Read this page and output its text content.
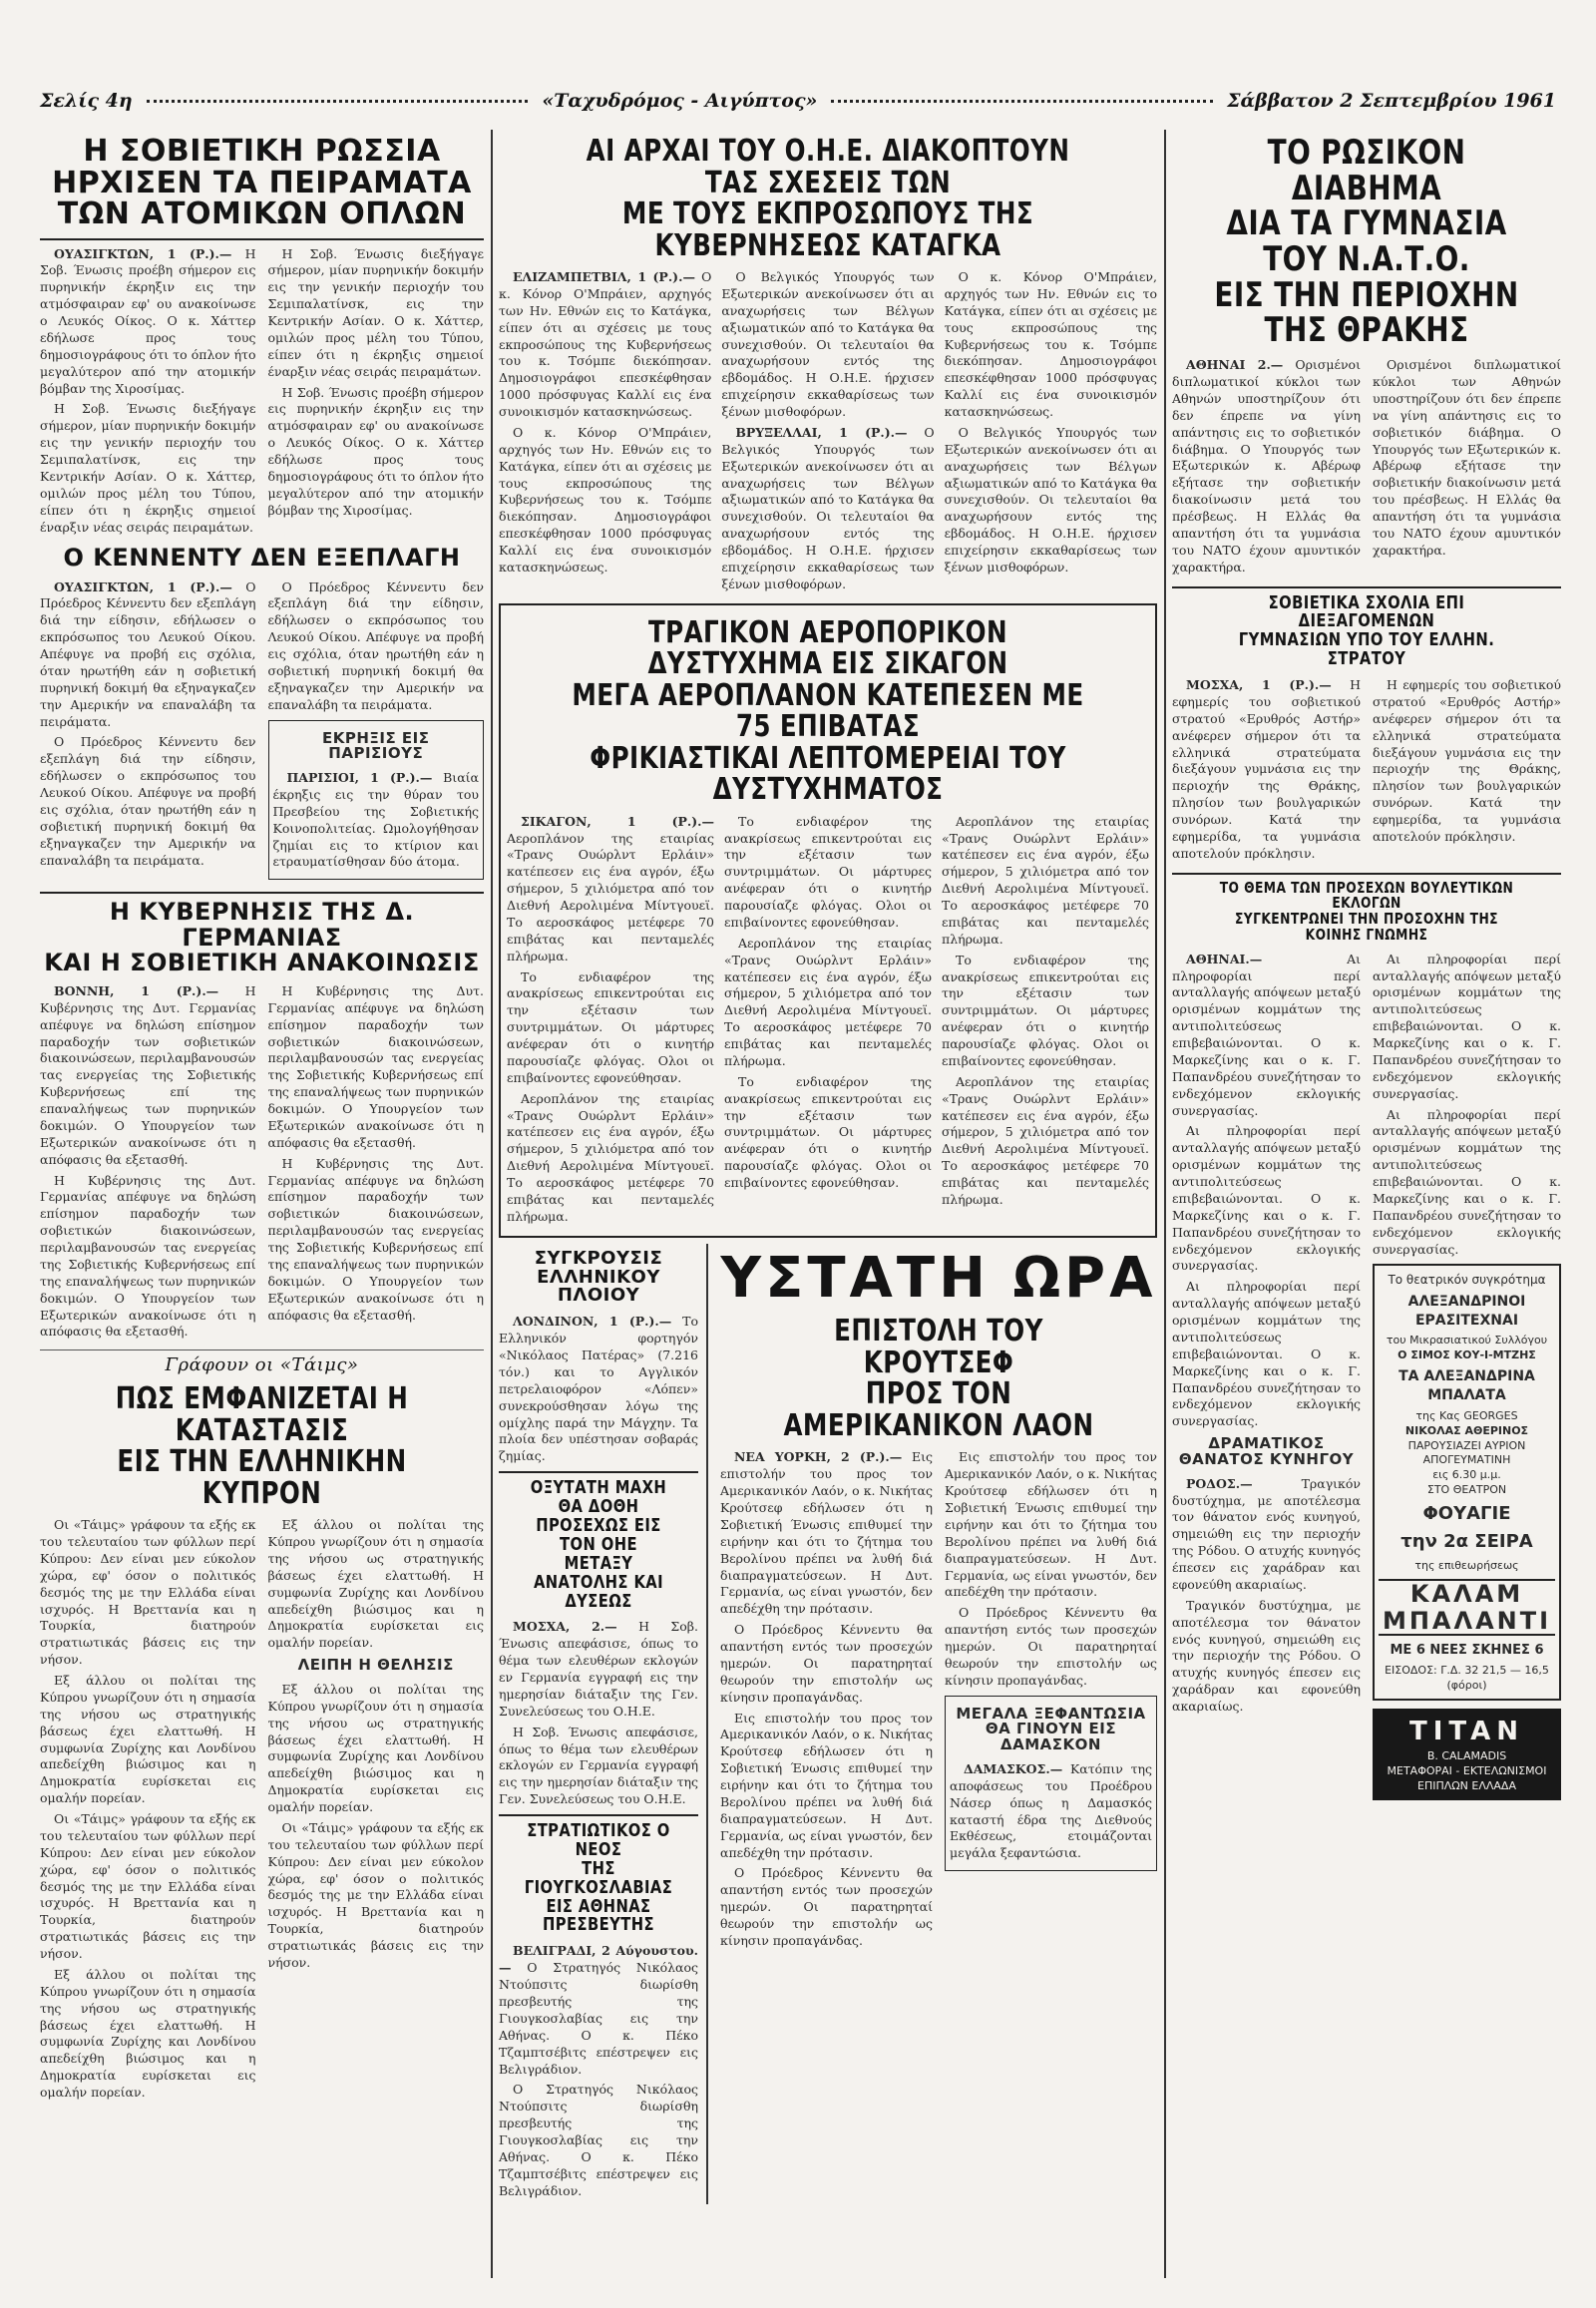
Σελίς 4η	«Ταχυδρόμος - Αιγύπτος»	Σάββατον 2 Σεπτεμβρίου 1961
Η ΣΟΒΙΕΤΙΚΗ ΡΩΣΣΙΑ
ΗΡΧΙΣΕΝ ΤΑ ΠΕΙΡΑΜΑΤΑ
ΤΩΝ ΑΤΟΜΙΚΩΝ ΟΠΛΩΝ

ΟΥΑΣΙΓΚΤΩΝ, 1 (Ρ.).— Η Σοβ. Ένωσις προέβη σήμερον εις πυρηνικήν έκρηξιν εις την ατμόσφαιραν εφ' ου ανακοίνωσε ο Λευκός Οίκος. Ο κ. Χάττερ εδήλωσε προς τους δημοσιογράφους ότι το όπλον ήτο μεγαλύτερον από την ατομικήν βόμβαν της Χιροσίμας.

Η Σοβ. Ένωσις διεξήγαγε σήμερον, μίαν πυρηνικήν δοκιμήν εις την γενικήν περιοχήν του Σεμιπαλατίνσκ, εις την Κεντρικήν Ασίαν. Ο κ. Χάττερ, ομιλών προς μέλη του Τύπου, είπεν ότι η έκρηξις σημειοί έναρξιν νέας σειράς πειραμάτων.

Η Σοβ. Ένωσις διεξήγαγε σήμερον, μίαν πυρηνικήν δοκιμήν εις την γενικήν περιοχήν του Σεμιπαλατίνσκ, εις την Κεντρικήν Ασίαν. Ο κ. Χάττερ, ομιλών προς μέλη του Τύπου, είπεν ότι η έκρηξις σημειοί έναρξιν νέας σειράς πειραμάτων.

Η Σοβ. Ένωσις προέβη σήμερον εις πυρηνικήν έκρηξιν εις την ατμόσφαιραν εφ' ου ανακοίνωσε ο Λευκός Οίκος. Ο κ. Χάττερ εδήλωσε προς τους δημοσιογράφους ότι το όπλον ήτο μεγαλύτερον από την ατομικήν βόμβαν της Χιροσίμας.

Ο ΚΕΝΝΕΝΤΥ ΔΕΝ ΕΞΕΠΛΑΓΗ

ΟΥΑΣΙΓΚΤΩΝ, 1 (Ρ.).— Ο Πρόεδρος Κέννεντυ δεν εξεπλάγη διά την είδησιν, εδήλωσεν ο εκπρόσωπος του Λευκού Οίκου. Απέφυγε να προβή εις σχόλια, όταν ηρωτήθη εάν η σοβιετική πυρηνική δοκιμή θα εξηναγκαζεν την Αμερικήν να επαναλάβη τα πειράματα.

Ο Πρόεδρος Κέννεντυ δεν εξεπλάγη διά την είδησιν, εδήλωσεν ο εκπρόσωπος του Λευκού Οίκου. Απέφυγε να προβή εις σχόλια, όταν ηρωτήθη εάν η σοβιετική πυρηνική δοκιμή θα εξηναγκαζεν την Αμερικήν να επαναλάβη τα πειράματα.

Ο Πρόεδρος Κέννεντυ δεν εξεπλάγη διά την είδησιν, εδήλωσεν ο εκπρόσωπος του Λευκού Οίκου. Απέφυγε να προβή εις σχόλια, όταν ηρωτήθη εάν η σοβιετική πυρηνική δοκιμή θα εξηναγκαζεν την Αμερικήν να επαναλάβη τα πειράματα.

ΕΚΡΗΞΙΣ ΕΙΣ ΠΑΡΙΣΙΟΥΣ

ΠΑΡΙΣΙΟΙ, 1 (Ρ.).— Βιαία έκρηξις εις την θύραν του Πρεσβείου της Σοβιετικής Κοινοπολιτείας. Ωμολογήθησαν ζημίαι εις το κτίριον και ετραυματίσθησαν δύο άτομα.

Η ΚΥΒΕΡΝΗΣΙΣ ΤΗΣ Δ. ΓΕΡΜΑΝΙΑΣ
ΚΑΙ Η ΣΟΒΙΕΤΙΚΗ ΑΝΑΚΟΙΝΩΣΙΣ

ΒΟΝΝΗ, 1 (Ρ.).— Η Κυβέρνησις της Δυτ. Γερμανίας απέφυγε να δηλώση επίσημον παραδοχήν των σοβιετικών διακοινώσεων, περιλαμβανουσών τας ενεργείας της Σοβιετικής Κυβερνήσεως επί της επαναλήψεως των πυρηνικών δοκιμών. Ο Υπουργείον των Εξωτερικών ανακοίνωσε ότι η απόφασις θα εξετασθή.

Η Κυβέρνησις της Δυτ. Γερμανίας απέφυγε να δηλώση επίσημον παραδοχήν των σοβιετικών διακοινώσεων, περιλαμβανουσών τας ενεργείας της Σοβιετικής Κυβερνήσεως επί της επαναλήψεως των πυρηνικών δοκιμών. Ο Υπουργείον των Εξωτερικών ανακοίνωσε ότι η απόφασις θα εξετασθή.

Η Κυβέρνησις της Δυτ. Γερμανίας απέφυγε να δηλώση επίσημον παραδοχήν των σοβιετικών διακοινώσεων, περιλαμβανουσών τας ενεργείας της Σοβιετικής Κυβερνήσεως επί της επαναλήψεως των πυρηνικών δοκιμών. Ο Υπουργείον των Εξωτερικών ανακοίνωσε ότι η απόφασις θα εξετασθή.

Η Κυβέρνησις της Δυτ. Γερμανίας απέφυγε να δηλώση επίσημον παραδοχήν των σοβιετικών διακοινώσεων, περιλαμβανουσών τας ενεργείας της Σοβιετικής Κυβερνήσεως επί της επαναλήψεως των πυρηνικών δοκιμών. Ο Υπουργείον των Εξωτερικών ανακοίνωσε ότι η απόφασις θα εξετασθή.

Γράφουν οι «Τάιμς»
ΠΩΣ ΕΜΦΑΝΙΖΕΤΑΙ Η ΚΑΤΑΣΤΑΣΙΣ
ΕΙΣ ΤΗΝ ΕΛΛΗΝΙΚΗΝ ΚΥΠΡΟΝ

Οι «Τάιμς» γράφουν τα εξής εκ του τελευταίου των φύλλων περί Κύπρου: Δεν είναι μεν εύκολον χώρα, εφ' όσον ο πολιτικός δεσμός της με την Ελλάδα είναι ισχυρός. Η Βρεττανία και η Τουρκία, διατηρούν στρατιωτικάς βάσεις εις την νήσον.

Εξ άλλου οι πολίται της Κύπρου γνωρίζουν ότι η σημασία της νήσου ως στρατηγικής βάσεως έχει ελαττωθή. Η συμφωνία Ζυρίχης και Λονδίνου απεδείχθη βιώσιμος και η Δημοκρατία ευρίσκεται εις ομαλήν πορείαν.

Οι «Τάιμς» γράφουν τα εξής εκ του τελευταίου των φύλλων περί Κύπρου: Δεν είναι μεν εύκολον χώρα, εφ' όσον ο πολιτικός δεσμός της με την Ελλάδα είναι ισχυρός. Η Βρεττανία και η Τουρκία, διατηρούν στρατιωτικάς βάσεις εις την νήσον.

Εξ άλλου οι πολίται της Κύπρου γνωρίζουν ότι η σημασία της νήσου ως στρατηγικής βάσεως έχει ελαττωθή. Η συμφωνία Ζυρίχης και Λονδίνου απεδείχθη βιώσιμος και η Δημοκρατία ευρίσκεται εις ομαλήν πορείαν.

Εξ άλλου οι πολίται της Κύπρου γνωρίζουν ότι η σημασία της νήσου ως στρατηγικής βάσεως έχει ελαττωθή. Η συμφωνία Ζυρίχης και Λονδίνου απεδείχθη βιώσιμος και η Δημοκρατία ευρίσκεται εις ομαλήν πορείαν.

ΛΕΙΠΗ Η ΘΕΛΗΣΙΣ

Εξ άλλου οι πολίται της Κύπρου γνωρίζουν ότι η σημασία της νήσου ως στρατηγικής βάσεως έχει ελαττωθή. Η συμφωνία Ζυρίχης και Λονδίνου απεδείχθη βιώσιμος και η Δημοκρατία ευρίσκεται εις ομαλήν πορείαν.

Οι «Τάιμς» γράφουν τα εξής εκ του τελευταίου των φύλλων περί Κύπρου: Δεν είναι μεν εύκολον χώρα, εφ' όσον ο πολιτικός δεσμός της με την Ελλάδα είναι ισχυρός. Η Βρεττανία και η Τουρκία, διατηρούν στρατιωτικάς βάσεις εις την νήσον.

ΑΙ ΑΡΧΑΙ ΤΟΥ Ο.Η.Ε. ΔΙΑΚΟΠΤΟΥΝ ΤΑΣ ΣΧΕΣΕΙΣ ΤΩΝ
ΜΕ ΤΟΥΣ ΕΚΠΡΟΣΩΠΟΥΣ ΤΗΣ ΚΥΒΕΡΝΗΣΕΩΣ ΚΑΤΑΓΚΑ

ΕΛΙΖΑΜΠΕΤΒΙΛ, 1 (Ρ.).— Ο κ. Κόνορ Ο'Μπράιεν, αρχηγός των Ην. Εθνών εις το Κατάγκα, είπεν ότι αι σχέσεις με τους εκπροσώπους της Κυβερνήσεως του κ. Τσόμπε διεκόπησαν. Δημοσιογράφοι επεσκέφθησαν 1000 πρόσφυγας Καλλί εις ένα συνοικισμόν κατασκηνώσεως.

Ο κ. Κόνορ Ο'Μπράιεν, αρχηγός των Ην. Εθνών εις το Κατάγκα, είπεν ότι αι σχέσεις με τους εκπροσώπους της Κυβερνήσεως του κ. Τσόμπε διεκόπησαν. Δημοσιογράφοι επεσκέφθησαν 1000 πρόσφυγας Καλλί εις ένα συνοικισμόν κατασκηνώσεως.

Ο Βελγικός Υπουργός των Εξωτερικών ανεκοίνωσεν ότι αι αναχωρήσεις των Βέλγων αξιωματικών από το Κατάγκα θα συνεχισθούν. Οι τελευταίοι θα αναχωρήσουν εντός της εβδομάδος. Η Ο.Η.Ε. ήρχισεν επιχείρησιν εκκαθαρίσεως των ξένων μισθοφόρων.

ΒΡΥΞΕΛΛΑΙ, 1 (Ρ.).— Ο Βελγικός Υπουργός των Εξωτερικών ανεκοίνωσεν ότι αι αναχωρήσεις των Βέλγων αξιωματικών από το Κατάγκα θα συνεχισθούν. Οι τελευταίοι θα αναχωρήσουν εντός της εβδομάδος. Η Ο.Η.Ε. ήρχισεν επιχείρησιν εκκαθαρίσεως των ξένων μισθοφόρων.

Ο κ. Κόνορ Ο'Μπράιεν, αρχηγός των Ην. Εθνών εις το Κατάγκα, είπεν ότι αι σχέσεις με τους εκπροσώπους της Κυβερνήσεως του κ. Τσόμπε διεκόπησαν. Δημοσιογράφοι επεσκέφθησαν 1000 πρόσφυγας Καλλί εις ένα συνοικισμόν κατασκηνώσεως.

Ο Βελγικός Υπουργός των Εξωτερικών ανεκοίνωσεν ότι αι αναχωρήσεις των Βέλγων αξιωματικών από το Κατάγκα θα συνεχισθούν. Οι τελευταίοι θα αναχωρήσουν εντός της εβδομάδος. Η Ο.Η.Ε. ήρχισεν επιχείρησιν εκκαθαρίσεως των ξένων μισθοφόρων.

ΤΡΑΓΙΚΟΝ ΑΕΡΟΠΟΡΙΚΟΝ ΔΥΣΤΥΧΗΜΑ ΕΙΣ ΣΙΚΑΓΟΝ
ΜΕΓΑ ΑΕΡΟΠΛΑΝΟΝ ΚΑΤΕΠΕΣΕΝ ΜΕ 75 ΕΠΙΒΑΤΑΣ
ΦΡΙΚΙΑΣΤΙΚΑΙ ΛΕΠΤΟΜΕΡΕΙΑΙ ΤΟΥ ΔΥΣΤΥΧΗΜΑΤΟΣ

ΣΙΚΑΓΟΝ, 1 (Ρ.).— Αεροπλάνον της εταιρίας «Τρανς Ουώρλντ Ερλάιν» κατέπεσεν εις ένα αγρόν, έξω σήμερον, 5 χιλιόμετρα από τον Διεθνή Αερολιμένα Μίντγουεϊ. Το αεροσκάφος μετέφερε 70 επιβάτας και πενταμελές πλήρωμα.

Το ενδιαφέρον της ανακρίσεως επικεντρούται εις την εξέτασιν των συντριμμάτων. Οι μάρτυρες ανέφεραν ότι ο κινητήρ παρουσίαζε φλόγας. Ολοι οι επιβαίνοντες εφονεύθησαν.

Αεροπλάνον της εταιρίας «Τρανς Ουώρλντ Ερλάιν» κατέπεσεν εις ένα αγρόν, έξω σήμερον, 5 χιλιόμετρα από τον Διεθνή Αερολιμένα Μίντγουεϊ. Το αεροσκάφος μετέφερε 70 επιβάτας και πενταμελές πλήρωμα.

Το ενδιαφέρον της ανακρίσεως επικεντρούται εις την εξέτασιν των συντριμμάτων. Οι μάρτυρες ανέφεραν ότι ο κινητήρ παρουσίαζε φλόγας. Ολοι οι επιβαίνοντες εφονεύθησαν.

Αεροπλάνον της εταιρίας «Τρανς Ουώρλντ Ερλάιν» κατέπεσεν εις ένα αγρόν, έξω σήμερον, 5 χιλιόμετρα από τον Διεθνή Αερολιμένα Μίντγουεϊ. Το αεροσκάφος μετέφερε 70 επιβάτας και πενταμελές πλήρωμα.

Το ενδιαφέρον της ανακρίσεως επικεντρούται εις την εξέτασιν των συντριμμάτων. Οι μάρτυρες ανέφεραν ότι ο κινητήρ παρουσίαζε φλόγας. Ολοι οι επιβαίνοντες εφονεύθησαν.

Αεροπλάνον της εταιρίας «Τρανς Ουώρλντ Ερλάιν» κατέπεσεν εις ένα αγρόν, έξω σήμερον, 5 χιλιόμετρα από τον Διεθνή Αερολιμένα Μίντγουεϊ. Το αεροσκάφος μετέφερε 70 επιβάτας και πενταμελές πλήρωμα.

Το ενδιαφέρον της ανακρίσεως επικεντρούται εις την εξέτασιν των συντριμμάτων. Οι μάρτυρες ανέφεραν ότι ο κινητήρ παρουσίαζε φλόγας. Ολοι οι επιβαίνοντες εφονεύθησαν.

Αεροπλάνον της εταιρίας «Τρανς Ουώρλντ Ερλάιν» κατέπεσεν εις ένα αγρόν, έξω σήμερον, 5 χιλιόμετρα από τον Διεθνή Αερολιμένα Μίντγουεϊ. Το αεροσκάφος μετέφερε 70 επιβάτας και πενταμελές πλήρωμα.

ΣΥΓΚΡΟΥΣΙΣ
ΕΛΛΗΝΙΚΟΥ ΠΛΟΙΟΥ

ΛΟΝΔΙΝΟΝ, 1 (Ρ.).— Το Ελληνικόν φορτηγόν «Νικόλαος Πατέρας» (7.216 τόν.) και το Αγγλικόν πετρελαιοφόρον «Λόπεν» συνεκρούσθησαν λόγω της ομίχλης παρά την Μάγχην. Τα πλοία δεν υπέστησαν σοβαράς ζημίας.

ΟΞΥΤΑΤΗ ΜΑΧΗ ΘΑ ΔΟΘΗ
ΠΡΟΣΕΧΩΣ ΕΙΣ ΤΟΝ ΟΗΕ
ΜΕΤΑΞΥ ΑΝΑΤΟΛΗΣ ΚΑΙ ΔΥΣΕΩΣ

ΜΟΣΧΑ, 2.— Η Σοβ. Ένωσις απεφάσισε, όπως το θέμα των ελευθέρων εκλογών εν Γερμανία εγγραφή εις την ημερησίαν διάταξιν της Γεν. Συνελεύσεως του Ο.Η.Ε.

Η Σοβ. Ένωσις απεφάσισε, όπως το θέμα των ελευθέρων εκλογών εν Γερμανία εγγραφή εις την ημερησίαν διάταξιν της Γεν. Συνελεύσεως του Ο.Η.Ε.

ΣΤΡΑΤΙΩΤΙΚΟΣ Ο ΝΕΟΣ
ΤΗΣ ΓΙΟΥΓΚΟΣΛΑΒΙΑΣ
ΕΙΣ ΑΘΗΝΑΣ ΠΡΕΣΒΕΥΤΗΣ

ΒΕΛΙΓΡΑΔΙ, 2 Αύγουστου.— Ο Στρατηγός Νικόλαος Ντούπσιτς διωρίσθη πρεσβευτής της Γιουγκοσλαβίας εις την Αθήνας. Ο κ. Πέκο Τζαμπτσέβιτς επέστρεψεν εις Βελιγράδιον.

Ο Στρατηγός Νικόλαος Ντούπσιτς διωρίσθη πρεσβευτής της Γιουγκοσλαβίας εις την Αθήνας. Ο κ. Πέκο Τζαμπτσέβιτς επέστρεψεν εις Βελιγράδιον.

ΥΣΤΑΤΗ ΩΡΑ
ΕΠΙΣΤΟΛΗ ΤΟΥ ΚΡΟΥΤΣΕΦ
ΠΡΟΣ ΤΟΝ ΑΜΕΡΙΚΑΝΙΚΟΝ ΛΑΟΝ

ΝΕΑ ΥΟΡΚΗ, 2 (Ρ.).— Εις επιστολήν του προς τον Αμερικανικόν Λαόν, ο κ. Νικήτας Κρούτσεφ εδήλωσεν ότι η Σοβιετική Ένωσις επιθυμεί την ειρήνην και ότι το ζήτημα του Βερολίνου πρέπει να λυθή διά διαπραγματεύσεων. Η Δυτ. Γερμανία, ως είναι γνωστόν, δεν απεδέχθη την πρότασιν.

Ο Πρόεδρος Κέννεντυ θα απαντήση εντός των προσεχών ημερών. Οι παρατηρηταί θεωρούν την επιστολήν ως κίνησιν προπαγάνδας.

Εις επιστολήν του προς τον Αμερικανικόν Λαόν, ο κ. Νικήτας Κρούτσεφ εδήλωσεν ότι η Σοβιετική Ένωσις επιθυμεί την ειρήνην και ότι το ζήτημα του Βερολίνου πρέπει να λυθή διά διαπραγματεύσεων. Η Δυτ. Γερμανία, ως είναι γνωστόν, δεν απεδέχθη την πρότασιν.

Ο Πρόεδρος Κέννεντυ θα απαντήση εντός των προσεχών ημερών. Οι παρατηρηταί θεωρούν την επιστολήν ως κίνησιν προπαγάνδας.

Εις επιστολήν του προς τον Αμερικανικόν Λαόν, ο κ. Νικήτας Κρούτσεφ εδήλωσεν ότι η Σοβιετική Ένωσις επιθυμεί την ειρήνην και ότι το ζήτημα του Βερολίνου πρέπει να λυθή διά διαπραγματεύσεων. Η Δυτ. Γερμανία, ως είναι γνωστόν, δεν απεδέχθη την πρότασιν.

Ο Πρόεδρος Κέννεντυ θα απαντήση εντός των προσεχών ημερών. Οι παρατηρηταί θεωρούν την επιστολήν ως κίνησιν προπαγάνδας.

ΜΕΓΑΛΑ ΞΕΦΑΝΤΩΣΙΑ
ΘΑ ΓΙΝΟΥΝ ΕΙΣ ΔΑΜΑΣΚΟΝ

ΔΑΜΑΣΚΟΣ.— Κατόπιν της αποφάσεως του Προέδρου Νάσερ όπως η Δαμασκός καταστή έδρα της Διεθνούς Εκθέσεως, ετοιμάζονται μεγάλα ξεφαντώσια.

ΤΟ ΡΩΣΙΚΟΝ ΔΙΑΒΗΜΑ
ΔΙΑ ΤΑ ΓΥΜΝΑΣΙΑ ΤΟΥ Ν.Α.Τ.Ο.
ΕΙΣ ΤΗΝ ΠΕΡΙΟΧΗΝ ΤΗΣ ΘΡΑΚΗΣ

ΑΘΗΝΑΙ 2.— Ορισμένοι διπλωματικοί κύκλοι των Αθηνών υποστηρίζουν ότι δεν έπρεπε να γίνη απάντησις εις το σοβιετικόν διάβημα. Ο Υπουργός των Εξωτερικών κ. Αβέρωφ εξήτασε την σοβιετικήν διακοίνωσιν μετά του πρέσβεως. Η Ελλάς θα απαντήση ότι τα γυμνάσια του ΝΑΤΟ έχουν αμυντικόν χαρακτήρα.

Ορισμένοι διπλωματικοί κύκλοι των Αθηνών υποστηρίζουν ότι δεν έπρεπε να γίνη απάντησις εις το σοβιετικόν διάβημα. Ο Υπουργός των Εξωτερικών κ. Αβέρωφ εξήτασε την σοβιετικήν διακοίνωσιν μετά του πρέσβεως. Η Ελλάς θα απαντήση ότι τα γυμνάσια του ΝΑΤΟ έχουν αμυντικόν χαρακτήρα.

ΣΟΒΙΕΤΙΚΑ ΣΧΟΛΙΑ ΕΠΙ ΔΙΕΞΑΓΟΜΕΝΩΝ
ΓΥΜΝΑΣΙΩΝ ΥΠΟ ΤΟΥ ΕΛΛΗΝ. ΣΤΡΑΤΟΥ

ΜΟΣΧΑ, 1 (Ρ.).— Η εφημερίς του σοβιετικού στρατού «Ερυθρός Αστήρ» ανέφερεν σήμερον ότι τα ελληνικά στρατεύματα διεξάγουν γυμνάσια εις την περιοχήν της Θράκης, πλησίον των βουλγαρικών συνόρων. Κατά την εφημερίδα, τα γυμνάσια αποτελούν πρόκλησιν.

Η εφημερίς του σοβιετικού στρατού «Ερυθρός Αστήρ» ανέφερεν σήμερον ότι τα ελληνικά στρατεύματα διεξάγουν γυμνάσια εις την περιοχήν της Θράκης, πλησίον των βουλγαρικών συνόρων. Κατά την εφημερίδα, τα γυμνάσια αποτελούν πρόκλησιν.

ΤΟ ΘΕΜΑ ΤΩΝ ΠΡΟΣΕΧΩΝ ΒΟΥΛΕΥΤΙΚΩΝ ΕΚΛΟΓΩΝ
ΣΥΓΚΕΝΤΡΩΝΕΙ ΤΗΝ ΠΡΟΣΟΧΗΝ ΤΗΣ ΚΟΙΝΗΣ ΓΝΩΜΗΣ

ΑΘΗΝΑΙ.—	Αι πληροφορίαι περί ανταλλαγής απόψεων μεταξύ ορισμένων κομμάτων της αντιπολιτεύσεως επιβεβαιώνονται. Ο κ. Μαρκεζίνης και ο κ. Γ. Παπανδρέου συνεζήτησαν το ενδεχόμενον εκλογικής συνεργασίας.

Αι πληροφορίαι περί ανταλλαγής απόψεων μεταξύ ορισμένων κομμάτων της αντιπολιτεύσεως επιβεβαιώνονται. Ο κ. Μαρκεζίνης και ο κ. Γ. Παπανδρέου συνεζήτησαν το ενδεχόμενον εκλογικής συνεργασίας.

Αι πληροφορίαι περί ανταλλαγής απόψεων μεταξύ ορισμένων κομμάτων της αντιπολιτεύσεως επιβεβαιώνονται. Ο κ. Μαρκεζίνης και ο κ. Γ. Παπανδρέου συνεζήτησαν το ενδεχόμενον εκλογικής συνεργασίας.

ΔΡΑΜΑΤΙΚΟΣ ΘΑΝΑΤΟΣ ΚΥΝΗΓΟΥ

ΡΟΔΟΣ.—	Τραγικόν δυστύχημα, με αποτέλεσμα τον θάνατον ενός κυνηγού, σημειώθη εις την περιοχήν της Ρόδου. Ο ατυχής κυνηγός έπεσεν εις χαράδραν και εφονεύθη ακαριαίως.

Τραγικόν δυστύχημα, με αποτέλεσμα τον θάνατον ενός κυνηγού, σημειώθη εις την περιοχήν της Ρόδου. Ο ατυχής κυνηγός έπεσεν εις χαράδραν και εφονεύθη ακαριαίως.

Αι πληροφορίαι περί ανταλλαγής απόψεων μεταξύ ορισμένων κομμάτων της αντιπολιτεύσεως επιβεβαιώνονται. Ο κ. Μαρκεζίνης και ο κ. Γ. Παπανδρέου συνεζήτησαν το ενδεχόμενον εκλογικής συνεργασίας.

Αι πληροφορίαι περί ανταλλαγής απόψεων μεταξύ ορισμένων κομμάτων της αντιπολιτεύσεως επιβεβαιώνονται. Ο κ. Μαρκεζίνης και ο κ. Γ. Παπανδρέου συνεζήτησαν το ενδεχόμενον εκλογικής συνεργασίας.

Το θεατρικόν συγκρότημα
ΑΛΕΞΑΝΔΡΙΝΟΙ ΕΡΑΣΙΤΕΧΝΑΙ
του Μικρασιατικού Συλλόγου
Ο ΣΙΜΟΣ ΚΟΥ-Ι-ΜΤΖΗΣ
ΤΑ ΑΛΕΞΑΝΔΡΙΝΑ ΜΠΑΛΑΤΑ
της Κας GEORGES
ΝΙΚΟΛΑΣ ΑΘΕΡΙΝΟΣ
ΠΑΡΟΥΣΙΑΖΕΙ ΑΥΡΙΟΝ ΑΠΟΓΕΥΜΑΤΙΝΗ
εις 6.30 μ.μ.
ΣΤΟ ΘΕΑΤΡΟΝ
ΦΟΥΑΓΙΕ
την 2α ΣΕΙΡΑ
της επιθεωρήσεως
ΚΑΛΑΜ ΜΠΑΛΑΝΤΙ
ΜΕ 6 ΝΕΕΣ ΣΚΗΝΕΣ 6
ΕΙΣΟΔΟΣ: Γ.Δ. 32 21,5 — 16,5 (φόροι)
TITAN
B. CALAMADIS
ΜΕΤΑΦΟΡΑΙ - ΕΚΤΕΛΩΝΙΣΜΟΙ
ΕΠΙΠΛΩΝ ΕΛΛΑΔΑ
